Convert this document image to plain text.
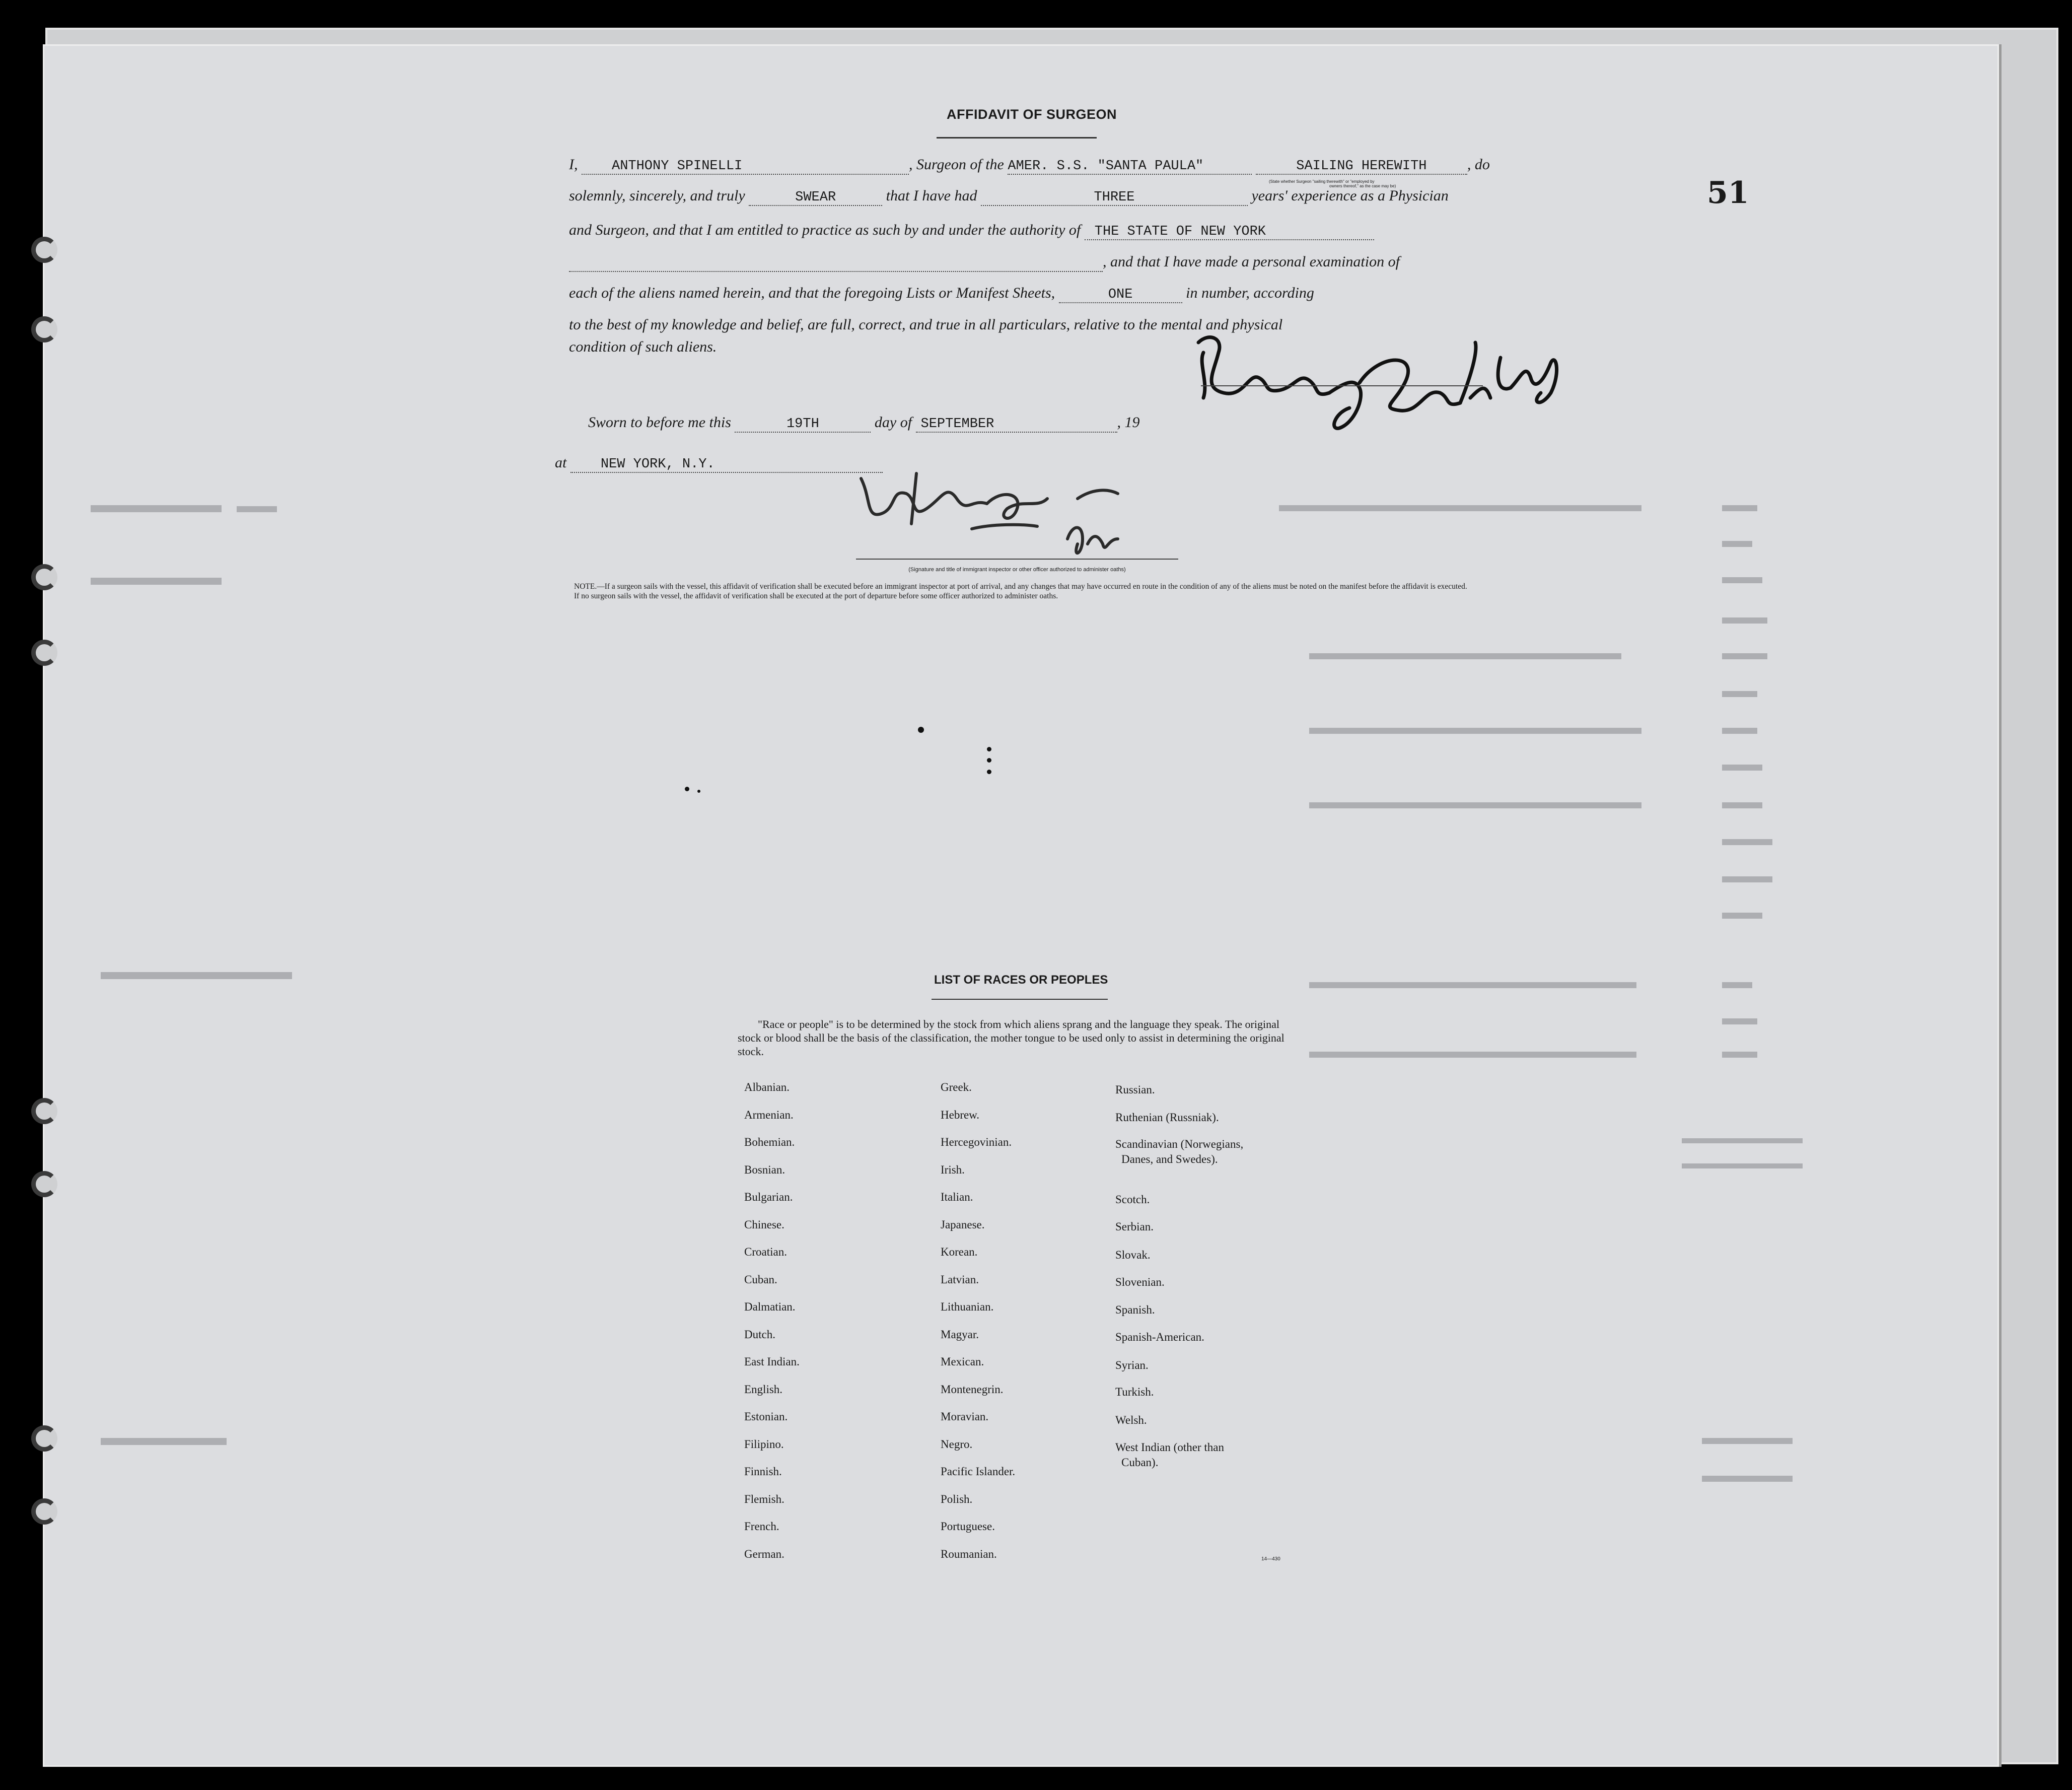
51
AFFIDAVIT OF SURGEON
I,	ANTHONY SPINELLI	, Surgeon of the AMER. S.S. "SANTA PAULA"	SAILING HEREWITH	, do
(State whether Surgeon "sailing therewith" or "employed by
owners thereof," as the case may be)
solemnly, sincerely, and truly	SWEAR	that I have had	THREE	years' experience as a Physician
and Surgeon, and that I am entitled to practice as such by and under the authority of THE STATE OF NEW YORK
, and that I have made a personal examination of
each of the aliens named herein, and that the foregoing Lists or Manifest Sheets,	ONE	in number, according
to the best of my knowledge and belief, are full, correct, and true in all particulars, relative to the mental and physical
condition of such aliens.
Sworn to before me this	19TH	day of SEPTEMBER	, 19
at	NEW YORK, N.Y.
(Signature and title of immigrant inspector or other officer authorized to administer oaths)

NOTE.—If a surgeon sails with the vessel, this affidavit of verification shall be executed before an immigrant inspector at port of arrival, and any changes that may have occurred en route in the condition of any of the aliens must be noted on the manifest before the affidavit is executed.

If no surgeon sails with the vessel, the affidavit of verification shall be executed at the port of departure before some officer authorized to administer oaths.

LIST OF RACES OR PEOPLES
"Race or people" is to be determined by the stock from which aliens sprang and the language they speak. The original stock or blood shall be the basis of the classification, the mother tongue to be used only to assist in determining the original stock.
Albanian.
Armenian.
Bohemian.
Bosnian.
Bulgarian.
Chinese.
Croatian.
Cuban.
Dalmatian.
Dutch.
East Indian.
English.
Estonian.
Filipino.
Finnish.
Flemish.
French.
German.
Greek.
Hebrew.
Hercegovinian.
Irish.
Italian.
Japanese.
Korean.
Latvian.
Lithuanian.
Magyar.
Mexican.
Montenegrin.
Moravian.
Negro.
Pacific Islander.
Polish.
Portuguese.
Roumanian.
Russian.
Ruthenian (Russniak).
Scandinavian (Norwegians,
Danes, and Swedes).
Scotch.
Serbian.
Slovak.
Slovenian.
Spanish.
Spanish-American.
Syrian.
Turkish.
Welsh.
West Indian (other than
Cuban).
14—430
